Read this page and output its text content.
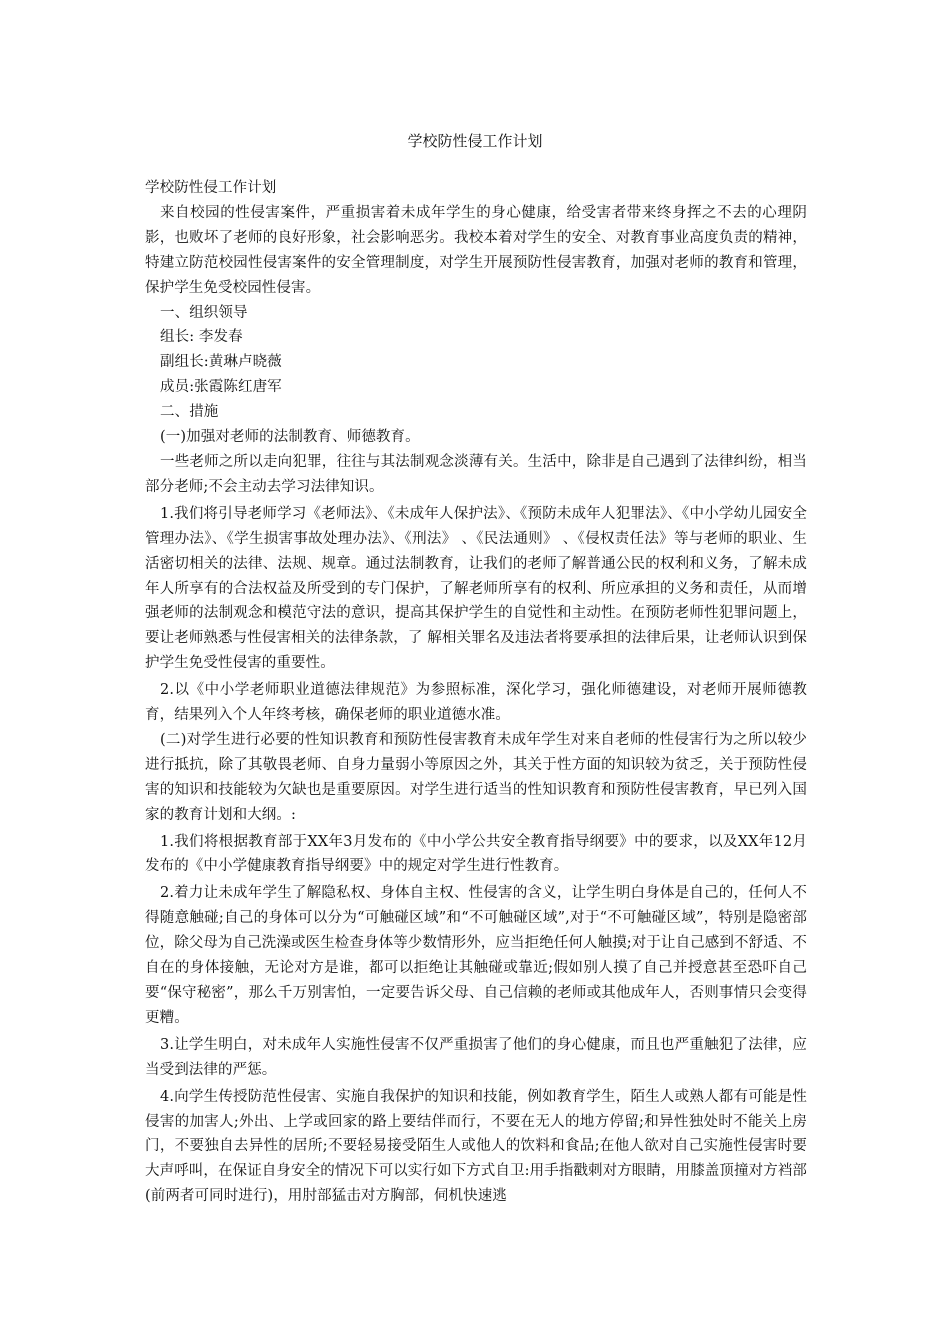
学校防性侵工作计划

学校防性侵工作计划

来自校园的性侵害案件，严重损害着未成年学生的身心健康，给受害者带来终身挥之不去的心理阴影，也败坏了老师的良好形象，社会影响恶劣。我校本着对学生的安全、对教育事业高度负责的精神，特建立防范校园性侵害案件的安全管理制度，对学生开展预防性侵害教育，加强对老师的教育和管理，保护学生免受校园性侵害。

一、组织领导

组长: 李发春

副组长:黄琳卢晓薇

成员:张霞陈红唐军

二、措施

(一)加强对老师的法制教育、师德教育。

一些老师之所以走向犯罪，往往与其法制观念淡薄有关。生活中，除非是自己遇到了法律纠纷，相当部分老师;不会主动去学习法律知识。

1.我们将引导老师学习《老师法》、《未成年人保护法》、《预防未成年人犯罪法》、《中小学幼儿园安全管理办法》、《学生损害事故处理办法》、《刑法》 、《民法通则》 、《侵权责任法》等与老师的职业、生活密切相关的法律、法规、规章。通过法制教育，让我们的老师了解普通公民的权利和义务，了解未成年人所享有的合法权益及所受到的专门保护，了解老师所享有的权利、所应承担的义务和责任，从而增强老师的法制观念和模范守法的意识，提高其保护学生的自觉性和主动性。在预防老师性犯罪问题上，要让老师熟悉与性侵害相关的法律条款，了 解相关罪名及违法者将要承担的法律后果，让老师认识到保护学生免受性侵害的重要性。

2.以《中小学老师职业道德法律规范》为参照标准，深化学习，强化师德建设，对老师开展师德教育，结果列入个人年终考核，确保老师的职业道德水准。

(二)对学生进行必要的性知识教育和预防性侵害教育未成年学生对来自老师的性侵害行为之所以较少进行抵抗，除了其敬畏老师、自身力量弱小等原因之外，其关于性方面的知识较为贫乏，关于预防性侵害的知识和技能较为欠缺也是重要原因。对学生进行适当的性知识教育和预防性侵害教育，早已列入国家的教育计划和大纲。:

1.我们将根据教育部于XX年3月发布的《中小学公共安全教育指导纲要》中的要求，以及XX年12月发布的《中小学健康教育指导纲要》中的规定对学生进行性教育。

2.着力让未成年学生了解隐私权、身体自主权、性侵害的含义，让学生明白身体是自己的，任何人不得随意触碰;自己的身体可以分为“可触碰区域”和“不可触碰区域”,对于“不可触碰区域”，特别是隐密部位，除父母为自己洗澡或医生检查身体等少数情形外，应当拒绝任何人触摸;对于让自己感到不舒适、不自在的身体接触，无论对方是谁，都可以拒绝让其触碰或靠近;假如别人摸了自己并授意甚至恐吓自己要“保守秘密”，那么千万别害怕，一定要告诉父母、自己信赖的老师或其他成年人，否则事情只会变得更糟。

3.让学生明白，对未成年人实施性侵害不仅严重损害了他们的身心健康，而且也严重触犯了法律，应当受到法律的严惩。

4.向学生传授防范性侵害、实施自我保护的知识和技能，例如教育学生，陌生人或熟人都有可能是性侵害的加害人;外出、上学或回家的路上要结伴而行，不要在无人的地方停留;和异性独处时不能关上房门，不要独自去异性的居所;不要轻易接受陌生人或他人的饮料和食品;在他人欲对自己实施性侵害时要大声呼叫，在保证自身安全的情况下可以实行如下方式自卫:用手指戳刺对方眼睛，用膝盖顶撞对方裆部(前两者可同时进行)，用肘部猛击对方胸部，伺机快速逃
